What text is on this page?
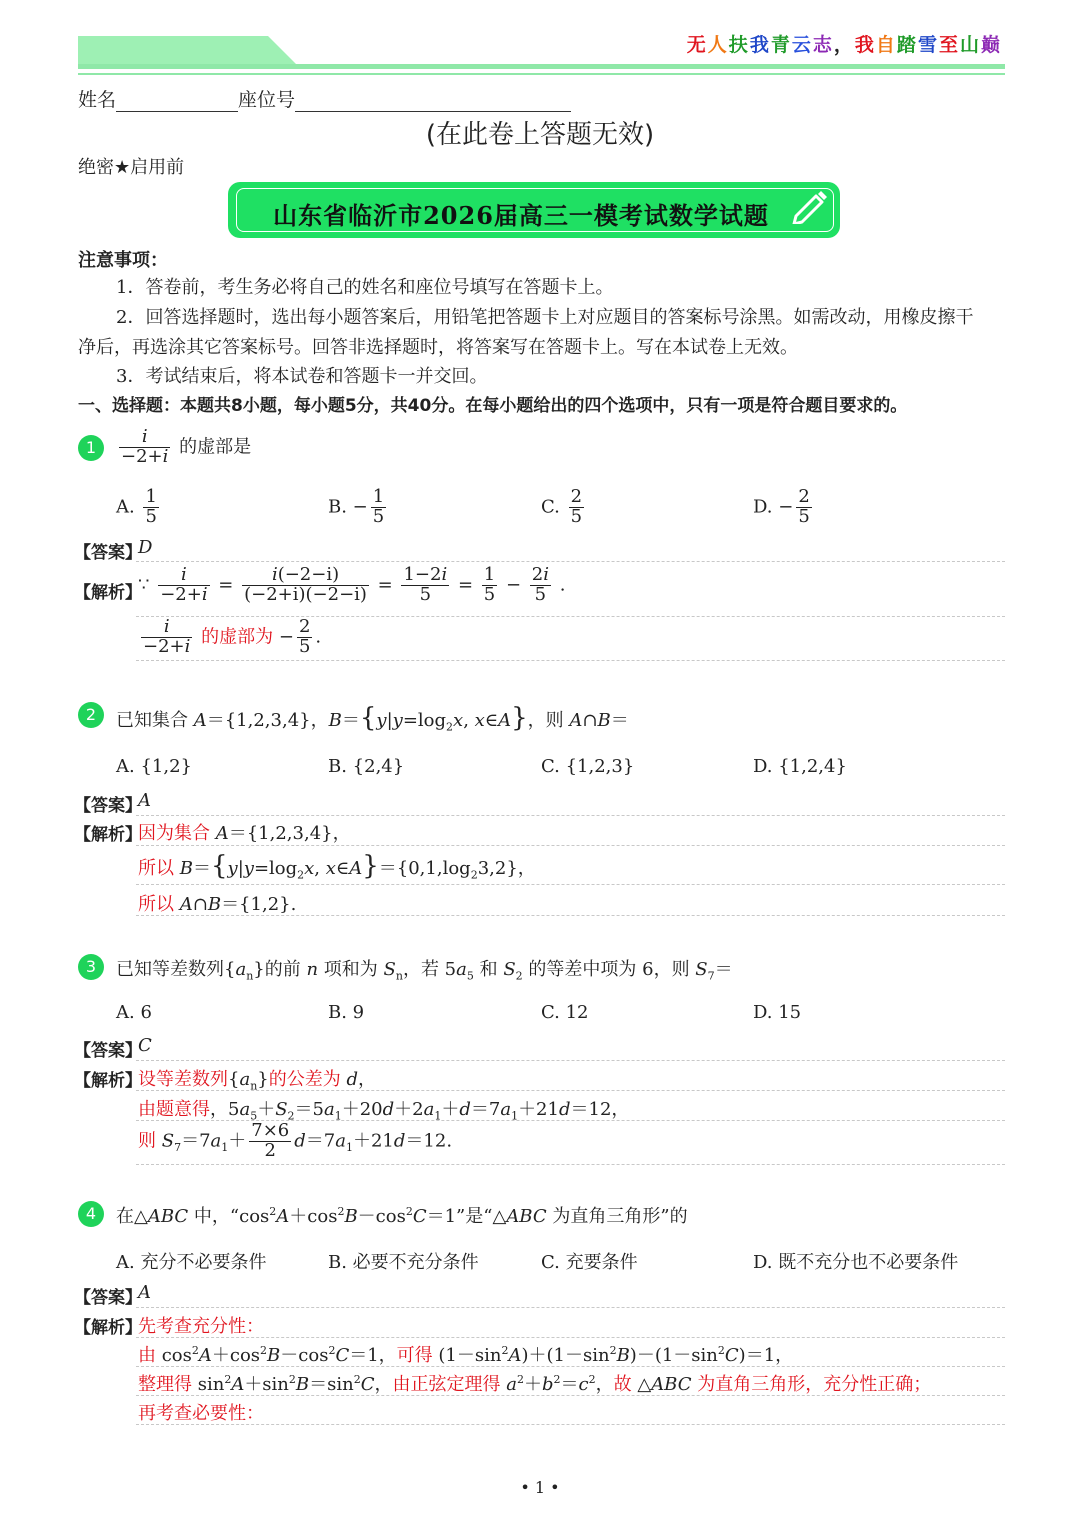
无人扶我青云志，我自踏雪至山巅
姓名	座位号
(在此卷上答题无效)
绝密★启用前
山东省临沂市2026届高三一模考试数学试题
注意事项：
1．答卷前，考生务必将自己的姓名和座位号填写在答题卡上。
2．回答选择题时，选出每小题答案后，用铅笔把答题卡上对应题目的答案标号涂黑。如需改动，用橡皮擦干
净后，再选涂其它答案标号。回答非选择题时，将答案写在答题卡上。写在本试卷上无效。
3．考试结束后，将本试卷和答题卡一并交回。
一、选择题：本题共8小题，每小题5分，共40分。在每小题给出的四个选项中，只有一项是符合题目要求的。
1	$\frac{i}{-2+i}$ 的虚部是
A. $\frac{1}{5}$	B. − $\frac{1}{5}$	C. $\frac{2}{5}$	D. − $\frac{2}{5}$
【答案】
D
【解析】
∵ $\frac{i}{-2+i} = \frac{i(-2-i)}{(-2+i)(-2-i)} = \frac{1-2i}{5} = \frac{1}{5} - \frac{2i}{5}$ .
$\frac{i}{-2+i}$ 的虚部为 − $\frac{2}{5}$ .
2	已知集合 A＝{1,2,3,4}，$B=\{y|y=\log_2x$, x∈A}，则 A∩B＝
A. {1,2}	B. {2,4}	C. {1,2,3}	D. {1,2,4}
【答案】
A
【解析】
因为集合 A＝{1,2,3,4}，
所以 $B=\{y|y=\log_2x$, $x\in A\}=\{0,1,\log_23,2\}$，
所以 A∩B＝{1,2}.
3	已知等差数列$\{a_n\}$的前 n 项和为 $S_n$，若 $5a_5$ 和 $S_2$ 的等差中项为 6，则 $S_7=$
A. 6	B. 9	C. 12	D. 15
【答案】
C
【解析】
设等差数列$\{a_n\}$的公差为 d，
由题意得，$5a_5+S_2=5a_1+20d+2a_1+d=7a_1+21d=12$，
则 $S_7=7a_1+ \frac{7\times 6}{2} d=7a_1+21d=12$.
4	在△ABC 中，“$\cos^2A+\cos^2B-\cos^2C=1$”是“△ABC 为直角三角形”的
A. 充分不必要条件	B. 必要不充分条件	C. 充要条件	D. 既不充分也不必要条件
【答案】
A
【解析】
先考查充分性：
由 $\cos^2A+\cos^2B-\cos^2C=1$，可得 $(1-\sin^2A)+(1-\sin^2B)-(1-\sin^2C)=1$，
整理得 $\sin^2A+\sin^2B=\sin^2C$，由正弦定理得 $a^2+b^2=c^2$，故 △ABC 为直角三角形，充分性正确；
再考查必要性：
• 1 •
